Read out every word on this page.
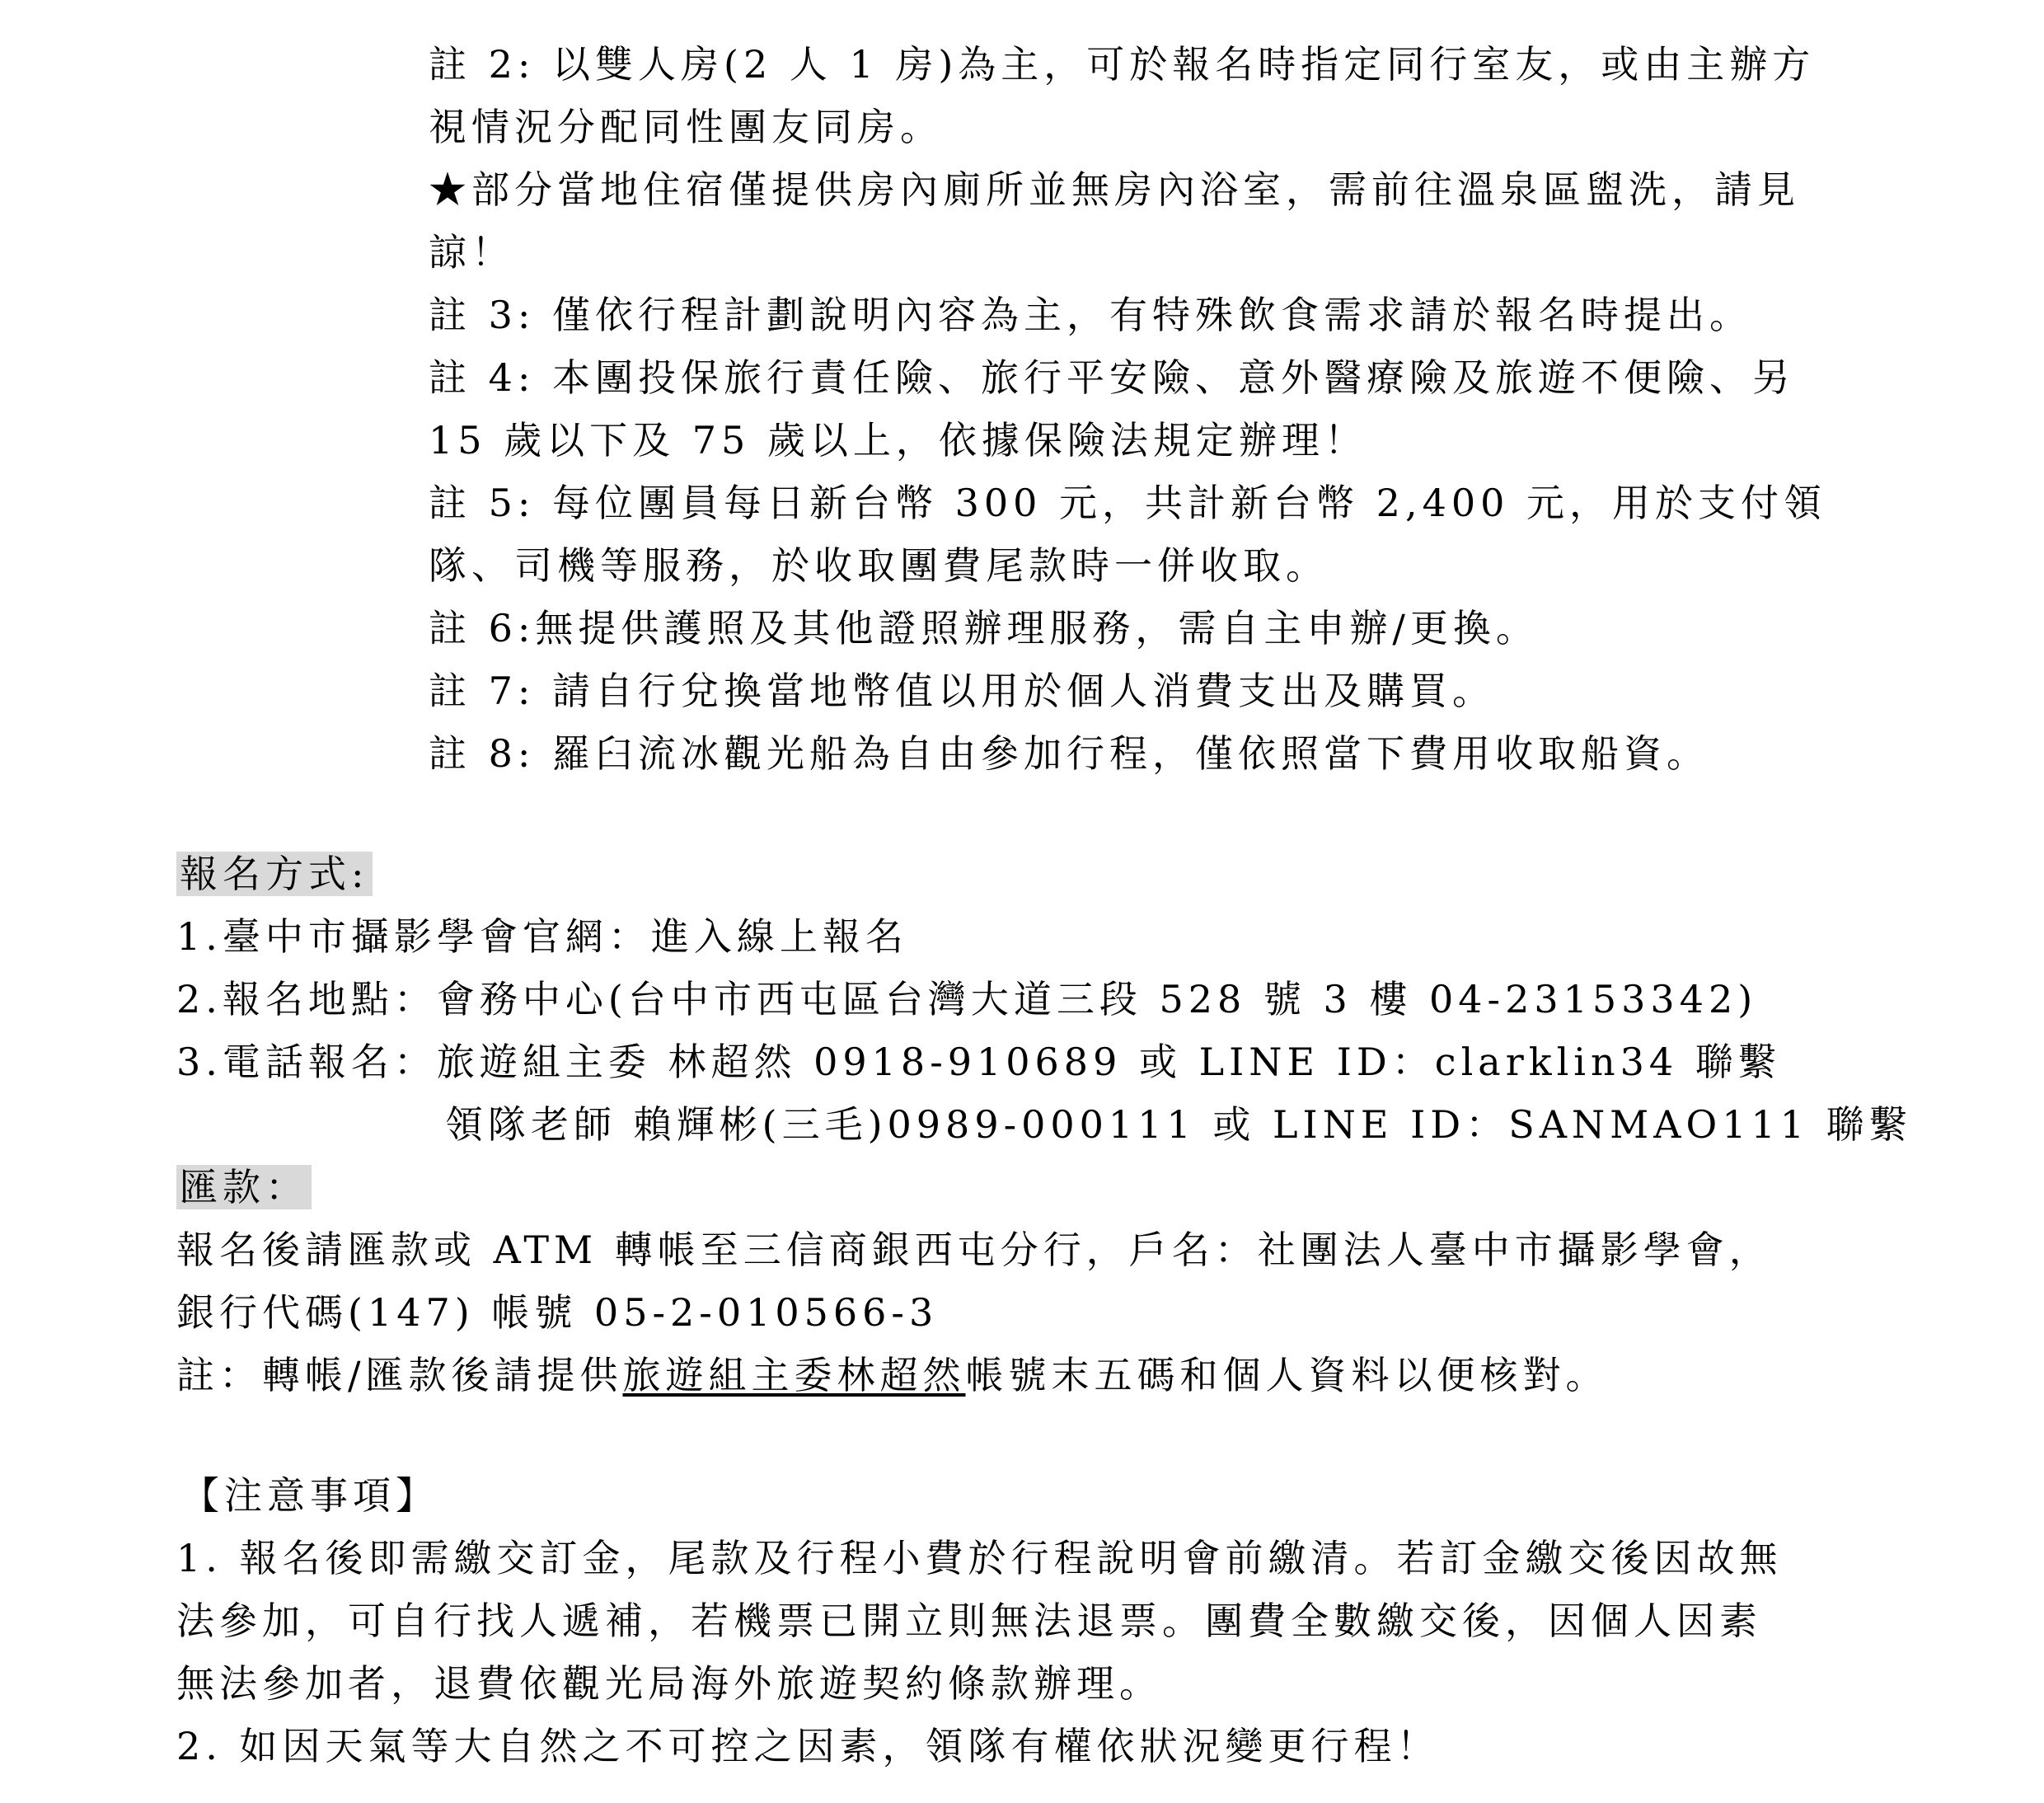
註 2: 以雙人房(2 人 1 房)為主，可於報名時指定同行室友，或由主辦方
視情況分配同性團友同房。
★部分當地住宿僅提供房內廁所並無房內浴室，需前往溫泉區盥洗，請見
諒！
註 3: 僅依行程計劃說明內容為主，有特殊飲食需求請於報名時提出。
註 4: 本團投保旅行責任險、旅行平安險、意外醫療險及旅遊不便險、另
15 歲以下及 75 歲以上，依據保險法規定辦理！
註 5: 每位團員每日新台幣 300 元，共計新台幣 2,400 元，用於支付領
隊、司機等服務，於收取團費尾款時一併收取。
註 6:無提供護照及其他證照辦理服務，需自主申辦/更換。
註 7: 請自行兌換當地幣值以用於個人消費支出及購買。
註 8: 羅臼流冰觀光船為自由參加行程，僅依照當下費用收取船資。
報名方式:
1.臺中市攝影學會官網：進入線上報名
2.報名地點：會務中心(台中市西屯區台灣大道三段 528 號 3 樓 04-23153342)
3.電話報名：旅遊組主委 林超然 0918-910689 或 LINE ID：clarklin34 聯繫
領隊老師 賴輝彬(三毛)0989-000111 或 LINE ID：SANMAO111 聯繫
匯款：
報名後請匯款或 ATM 轉帳至三信商銀西屯分行，戶名：社團法人臺中市攝影學會，
銀行代碼(147) 帳號 05-2-010566-3
註：轉帳/匯款後請提供旅遊組主委林超然帳號末五碼和個人資料以便核對。
【注意事項】
1. 報名後即需繳交訂金，尾款及行程小費於行程說明會前繳清。若訂金繳交後因故無
法參加，可自行找人遞補，若機票已開立則無法退票。團費全數繳交後，因個人因素
無法參加者，退費依觀光局海外旅遊契約條款辦理。
2. 如因天氣等大自然之不可控之因素，領隊有權依狀況變更行程！
